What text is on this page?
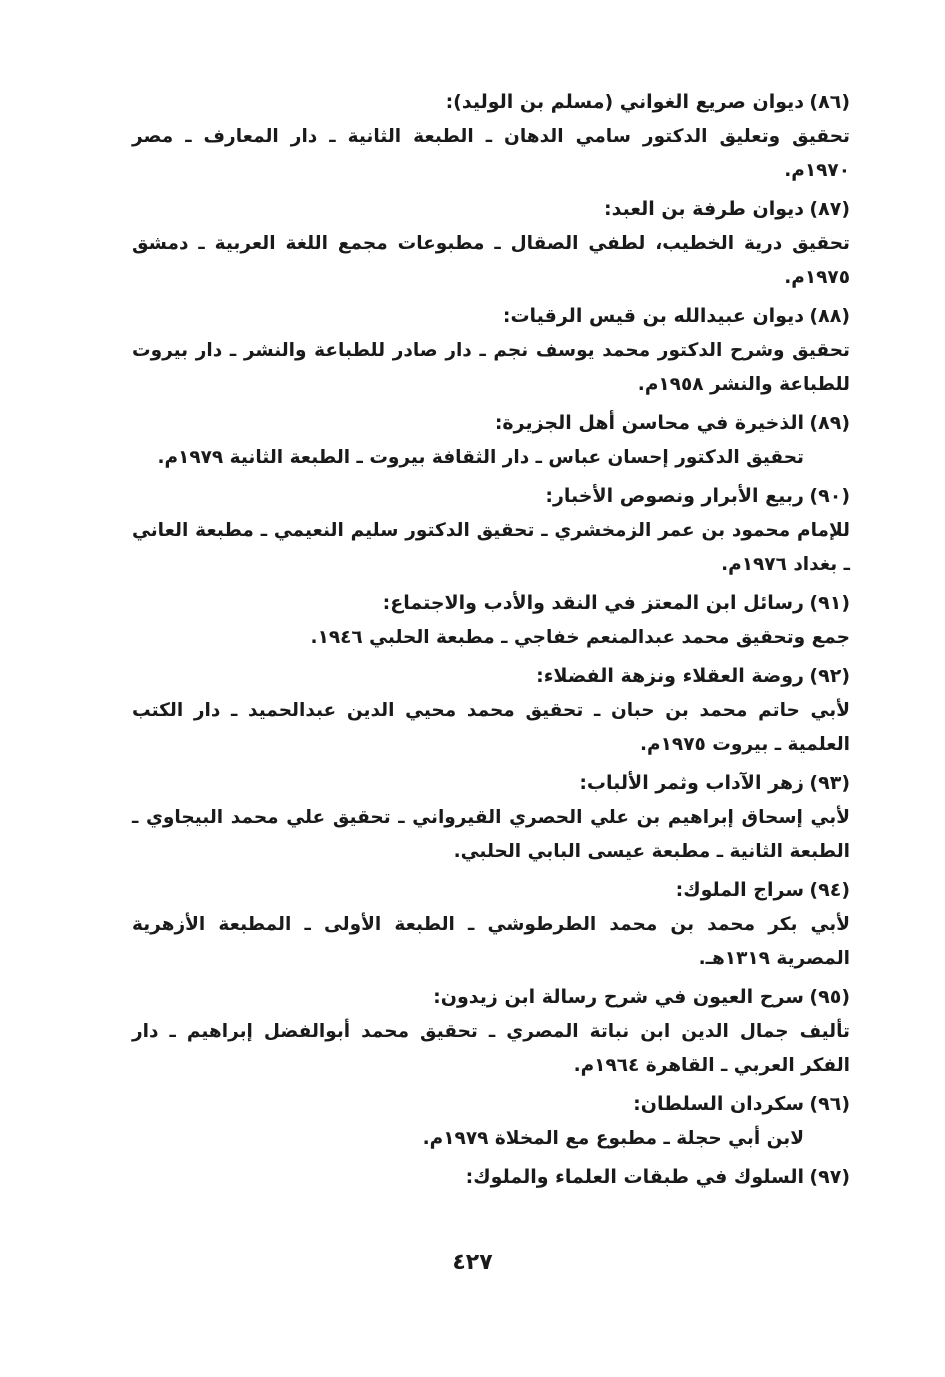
(٨٦)ديوان صريع الغواني (مسلم بن الوليد):
تحقيق وتعليق الدكتور سامي الدهان ـ الطبعة الثانية ـ دار المعارف ـ مصر ١٩٧٠م.
(٨٧)ديوان طرفة بن العبد:
تحقيق درية الخطيب، لطفي الصقال ـ مطبوعات مجمع اللغة العربية ـ دمشق ١٩٧٥م.
(٨٨)ديوان عبيدالله بن قيس الرقيات:
تحقيق وشرح الدكتور محمد يوسف نجم ـ دار صادر للطباعة والنشر ـ دار بيروت للطباعة والنشر ١٩٥٨م.
(٨٩)الذخيرة في محاسن أهل الجزيرة:
تحقيق الدكتور إحسان عباس ـ دار الثقافة بيروت ـ الطبعة الثانية ١٩٧٩م.
(٩٠)ربيع الأبرار ونصوص الأخبار:
للإمام محمود بن عمر الزمخشري ـ تحقيق الدكتور سليم النعيمي ـ مطبعة العاني ـ بغداد ١٩٧٦م.
(٩١)رسائل ابن المعتز في النقد والأدب والاجتماع:
جمع وتحقيق محمد عبدالمنعم خفاجي ـ مطبعة الحلبي ١٩٤٦.
(٩٢)روضة العقلاء ونزهة الفضلاء:
لأبي حاتم محمد بن حبان ـ تحقيق محمد محيي الدين عبدالحميد ـ دار الكتب العلمية ـ بيروت ١٩٧٥م.
(٩٣)زهر الآداب وثمر الألباب:
لأبي إسحاق إبراهيم بن علي الحصري القيرواني ـ تحقيق علي محمد البيجاوي ـ الطبعة الثانية ـ مطبعة عيسى البابي الحلبي.
(٩٤)سراج الملوك:
لأبي بكر محمد بن محمد الطرطوشي ـ الطبعة الأولى ـ المطبعة الأزهرية المصرية ١٣١٩هـ.
(٩٥)سرح العيون في شرح رسالة ابن زيدون:
تأليف جمال الدين ابن نباتة المصري ـ تحقيق محمد أبوالفضل إبراهيم ـ دار الفكر العربي ـ القاهرة ١٩٦٤م.
(٩٦)سكردان السلطان:
لابن أبي حجلة ـ مطبوع مع المخلاة ١٩٧٩م.
(٩٧)السلوك في طبقات العلماء والملوك:
٤٢٧
